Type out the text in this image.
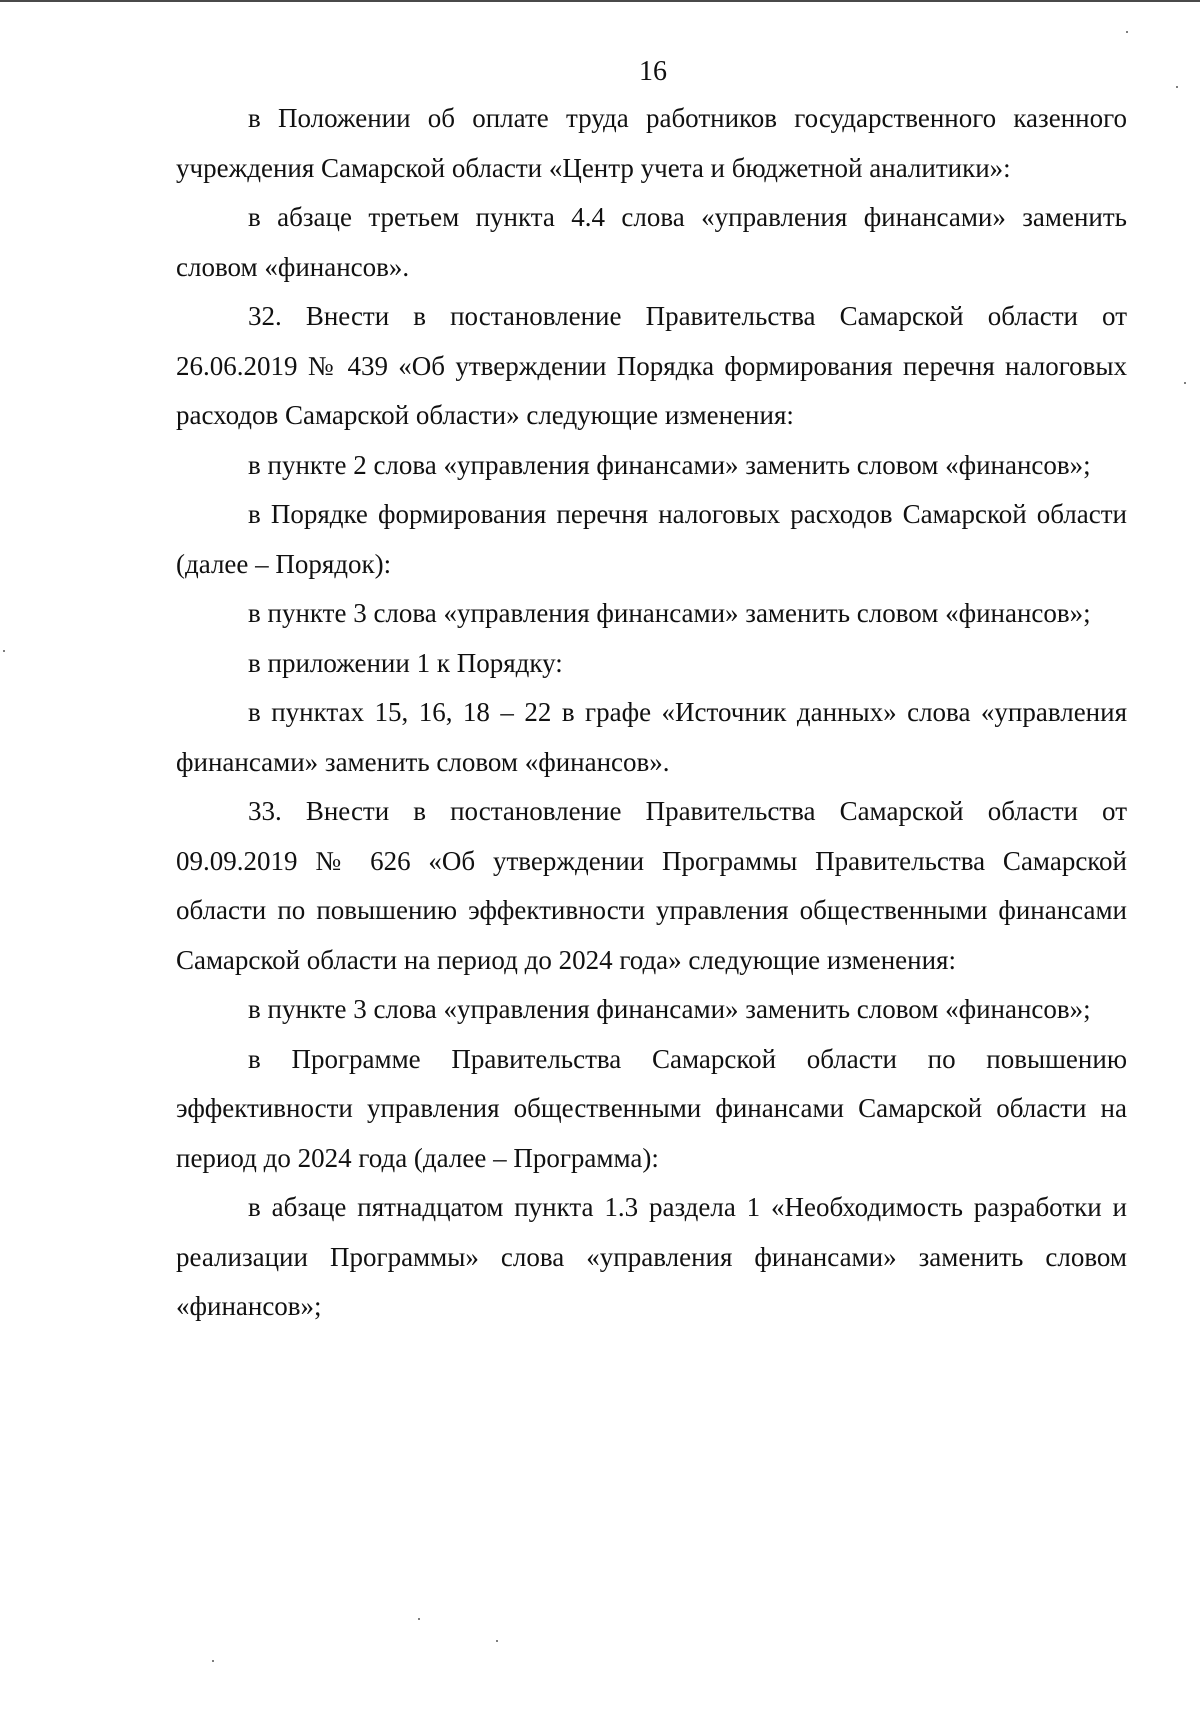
16

в Положении об оплате труда работников государственного казенного учреждения Самарской области «Центр учета и бюджетной аналитики»:

в абзаце третьем пункта 4.4 слова «управления финансами» заменить словом «финансов».

32. Внести в постановление Правительства Самарской области от 26.06.2019 № 439 «Об утверждении Порядка формирования перечня налоговых расходов Самарской области» следующие изменения:

в пункте 2 слова «управления финансами» заменить словом «финансов»;

в Порядке формирования перечня налоговых расходов Самарской области (далее – Порядок):

в пункте 3 слова «управления финансами» заменить словом «финансов»;

в приложении 1 к Порядку:

в пунктах 15, 16, 18 – 22 в графе «Источник данных» слова «управления финансами» заменить словом «финансов».

33. Внести в постановление Правительства Самарской области от 09.09.2019 № 626 «Об утверждении Программы Правительства Самарской области по повышению эффективности управления общественными финансами Самарской области на период до 2024 года» следующие изменения:

в пункте 3 слова «управления финансами» заменить словом «финансов»;

в Программе Правительства Самарской области по повышению эффективности управления общественными финансами Самарской области на период до 2024 года (далее – Программа):

в абзаце пятнадцатом пункта 1.3 раздела 1 «Необходимость разработки и реализации Программы» слова «управления финансами» заменить словом «финансов»;
